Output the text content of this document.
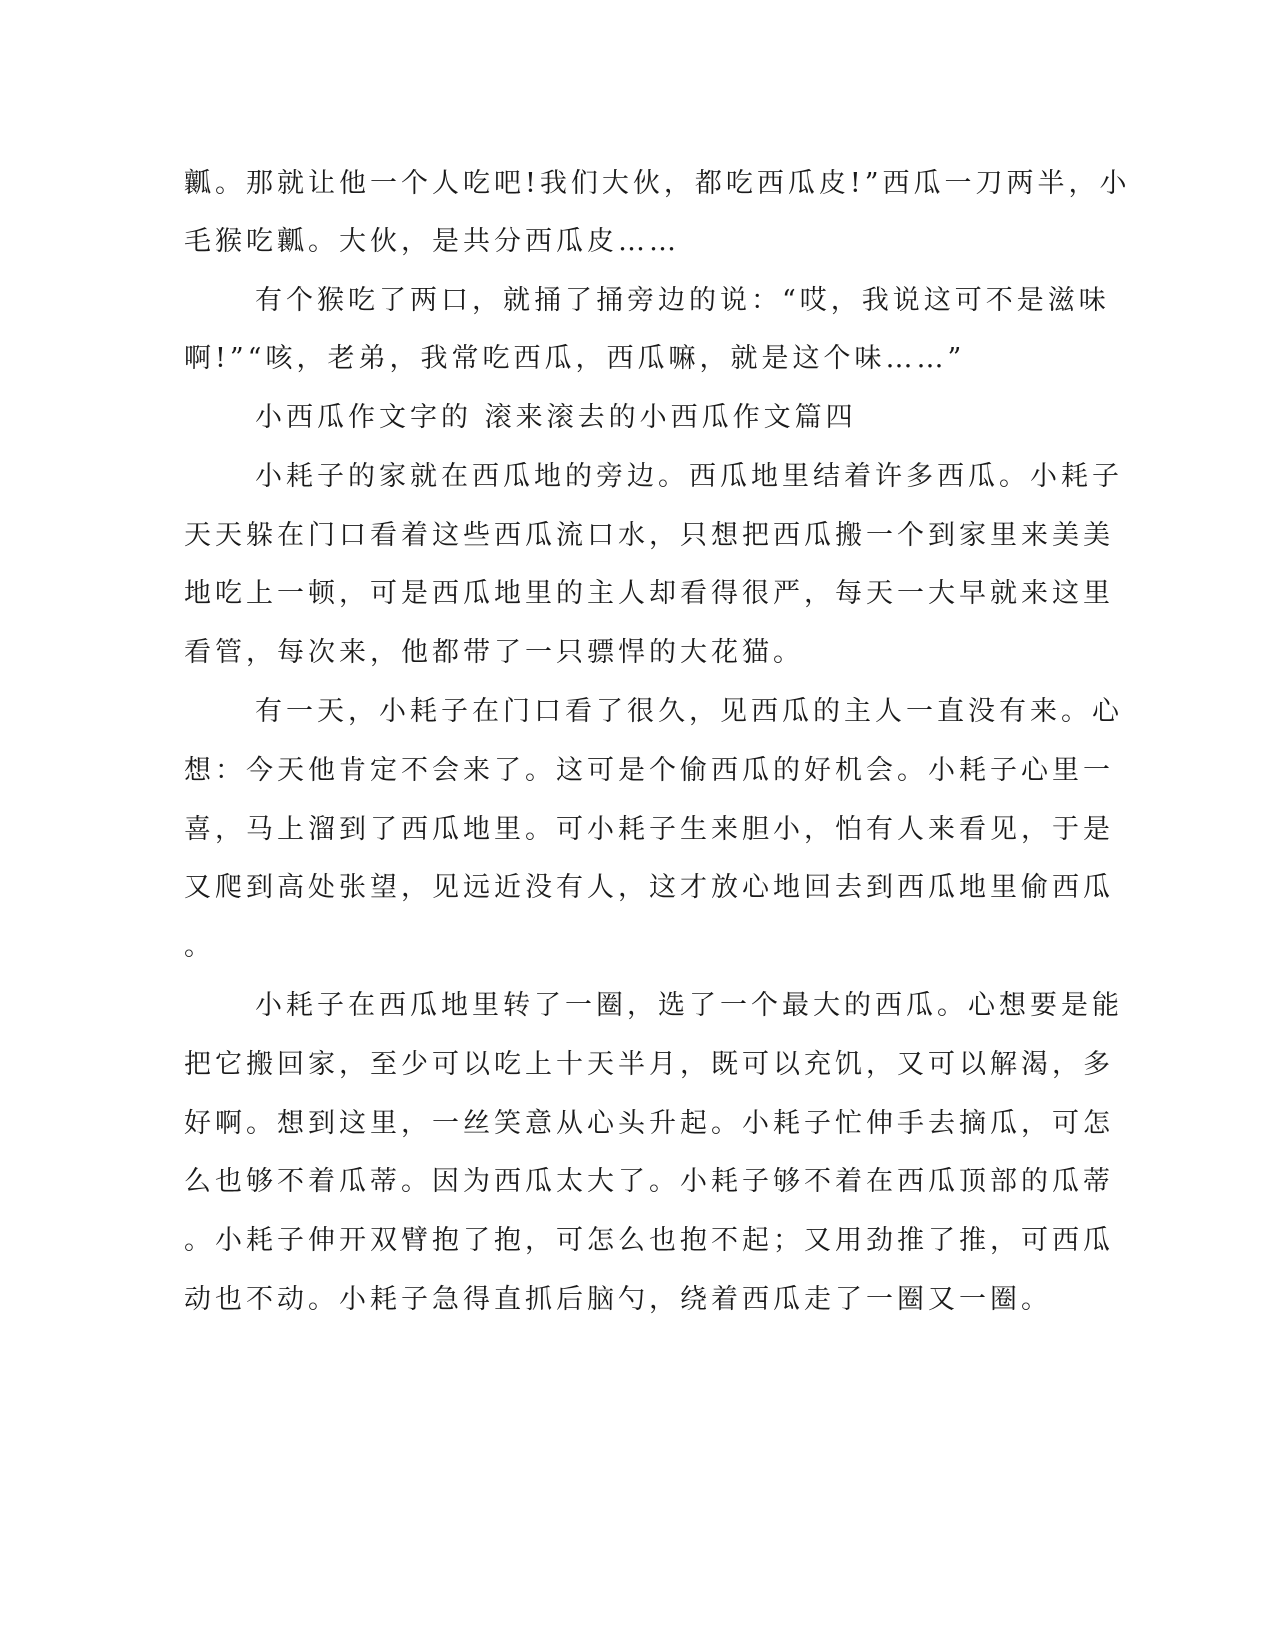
瓤。那就让他一个人吃吧!我们大伙，都吃西瓜皮!”西瓜一刀两半，小

毛猴吃瓤。大伙，是共分西瓜皮……

有个猴吃了两口，就捅了捅旁边的说：“哎，我说这可不是滋味

啊!”“咳，老弟，我常吃西瓜，西瓜嘛，就是这个味……”

小西瓜作文字的 滚来滚去的小西瓜作文篇四

小耗子的家就在西瓜地的旁边。西瓜地里结着许多西瓜。小耗子

天天躲在门口看着这些西瓜流口水，只想把西瓜搬一个到家里来美美

地吃上一顿，可是西瓜地里的主人却看得很严，每天一大早就来这里

看管，每次来，他都带了一只骠悍的大花猫。

有一天，小耗子在门口看了很久，见西瓜的主人一直没有来。心

想：今天他肯定不会来了。这可是个偷西瓜的好机会。小耗子心里一

喜，马上溜到了西瓜地里。可小耗子生来胆小，怕有人来看见，于是

又爬到高处张望，见远近没有人，这才放心地回去到西瓜地里偷西瓜

。

小耗子在西瓜地里转了一圈，选了一个最大的西瓜。心想要是能

把它搬回家，至少可以吃上十天半月，既可以充饥，又可以解渴，多

好啊。想到这里，一丝笑意从心头升起。小耗子忙伸手去摘瓜，可怎

么也够不着瓜蒂。因为西瓜太大了。小耗子够不着在西瓜顶部的瓜蒂

。小耗子伸开双臂抱了抱，可怎么也抱不起；又用劲推了推，可西瓜

动也不动。小耗子急得直抓后脑勺，绕着西瓜走了一圈又一圈。
